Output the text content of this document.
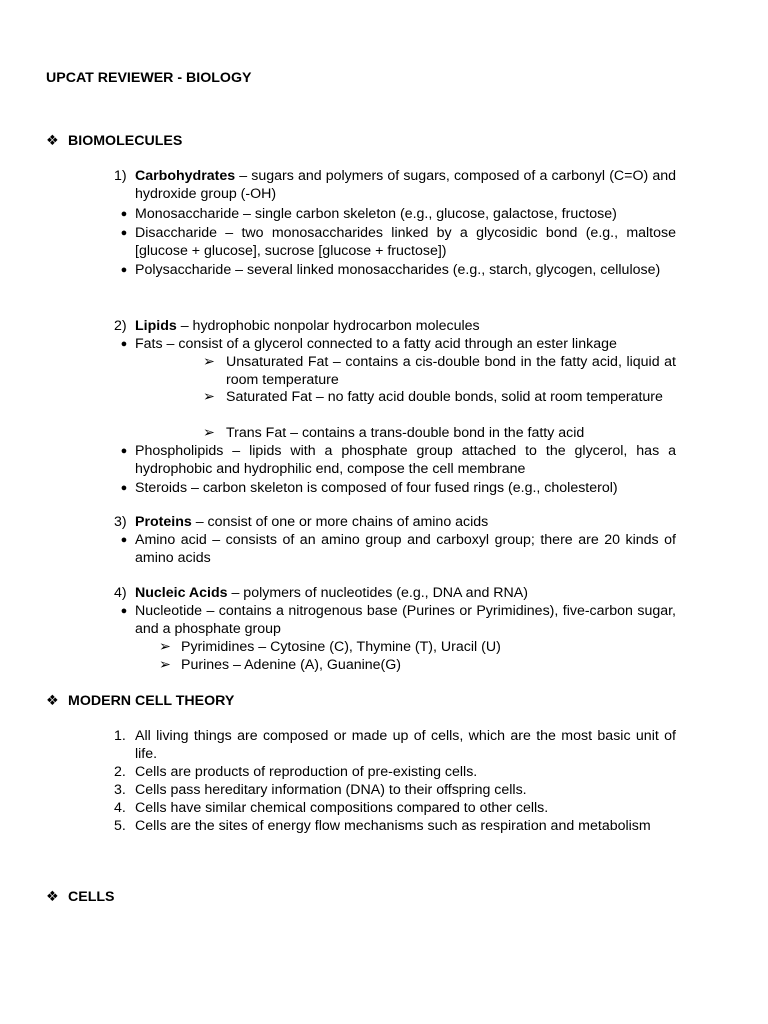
UPCAT REVIEWER - BIOLOGY
❖ BIOMOLECULES
1) Carbohydrates – sugars and polymers of sugars, composed of a carbonyl (C=O) and hydroxide group (-OH)
● Monosaccharide – single carbon skeleton (e.g., glucose, galactose, fructose)
● Disaccharide – two monosaccharides linked by a glycosidic bond (e.g., maltose [glucose + glucose], sucrose [glucose + fructose])
● Polysaccharide – several linked monosaccharides (e.g., starch, glycogen, cellulose)
2) Lipids – hydrophobic nonpolar hydrocarbon molecules
● Fats – consist of a glycerol connected to a fatty acid through an ester linkage
➢ Unsaturated Fat – contains a cis-double bond in the fatty acid, liquid at room temperature
➢ Saturated Fat – no fatty acid double bonds, solid at room temperature
➢ Trans Fat – contains a trans-double bond in the fatty acid
● Phospholipids – lipids with a phosphate group attached to the glycerol, has a hydrophobic and hydrophilic end, compose the cell membrane
● Steroids – carbon skeleton is composed of four fused rings (e.g., cholesterol)
3) Proteins – consist of one or more chains of amino acids
● Amino acid – consists of an amino group and carboxyl group; there are 20 kinds of amino acids
4) Nucleic Acids – polymers of nucleotides (e.g., DNA and RNA)
● Nucleotide – contains a nitrogenous base (Purines or Pyrimidines), five-carbon sugar, and a phosphate group
➢ Pyrimidines – Cytosine (C), Thymine (T), Uracil (U)
➢ Purines – Adenine (A), Guanine(G)
❖ MODERN CELL THEORY
1. All living things are composed or made up of cells, which are the most basic unit of life.
2. Cells are products of reproduction of pre-existing cells.
3. Cells pass hereditary information (DNA) to their offspring cells.
4. Cells have similar chemical compositions compared to other cells.
5. Cells are the sites of energy flow mechanisms such as respiration and metabolism
❖ CELLS
